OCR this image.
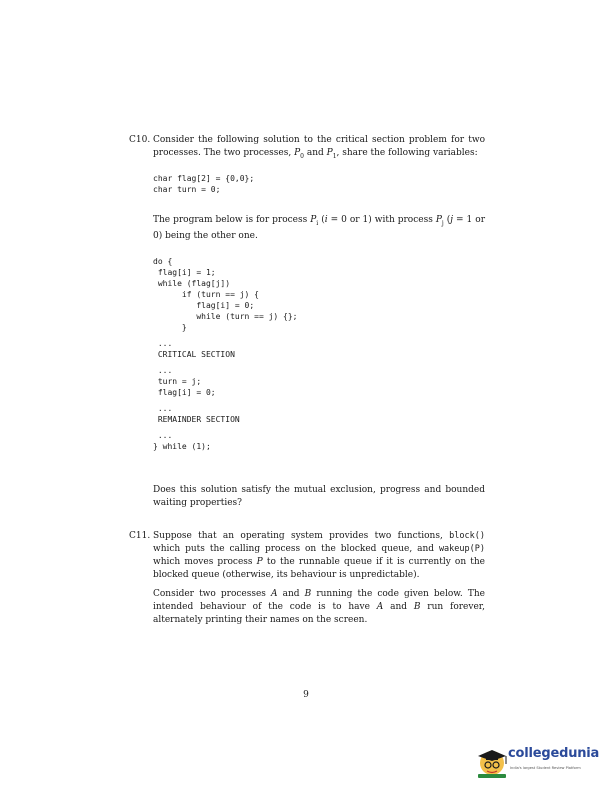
C10. Consider the following solution to the critical section problem for two processes. The two processes, $P_0$ and $P_1$, share the following variables:
char flag[2] = {0,0};
char turn = 0;
The program below is for process $P_i$ (i = 0 or 1) with process $P_j$ (j = 1 or 0) being the other one.
do {
flag[i] = 1;
while (flag[j])
if (turn == j) {
flag[i] = 0;
while (turn == j) {};
}
...
CRITICAL SECTION
...
turn = j;
flag[i] = 0;
...
REMAINDER SECTION
...
} while (1);
Does this solution satisfy the mutual exclusion, progress and bounded waiting properties?
C11. Suppose that an operating system provides two functions, block() which puts the calling process on the blocked queue, and wakeup(P) which moves process P to the runnable queue if it is currently on the blocked queue (otherwise, its behaviour is unpredictable).
Consider two processes A and B running the code given below. The intended behaviour of the code is to have A and B run forever, alternately printing their names on the screen.
9
collegedunia
India's largest Student Review Platform
